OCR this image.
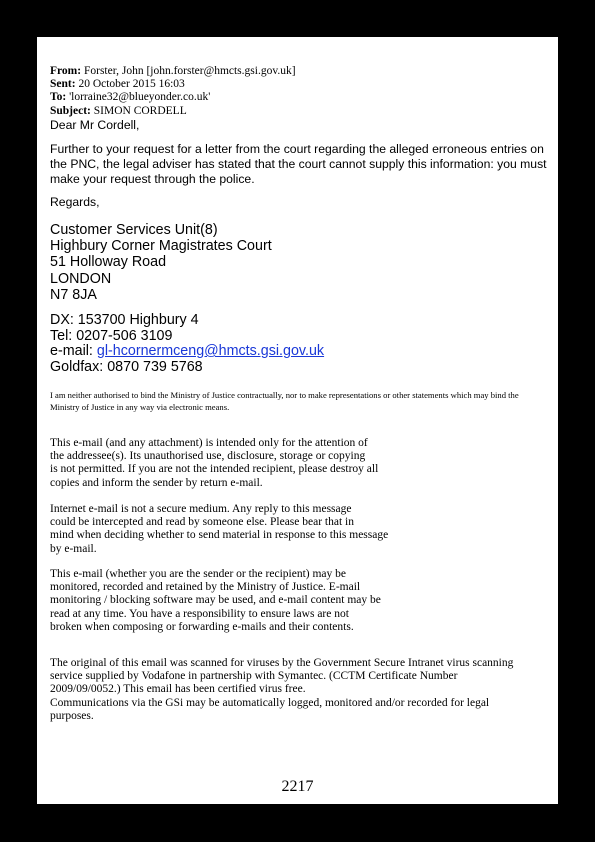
From: Forster, John [john.forster@hmcts.gsi.gov.uk]
Sent: 20 October 2015 16:03
To: 'lorraine32@blueyonder.co.uk'
Subject: SIMON CORDELL
Dear Mr Cordell,
Further to your request for a letter from the court regarding the alleged erroneous entries on the PNC, the legal adviser has stated that the court cannot supply this information: you must make your request through the police.
Regards,
Customer Services Unit(8)
Highbury Corner Magistrates Court
51 Holloway Road
LONDON
N7 8JA
DX: 153700 Highbury 4
Tel: 0207-506 3109
e-mail: gl-hcornermceng@hmcts.gsi.gov.uk
Goldfax: 0870 739 5768
I am neither authorised to bind the Ministry of Justice contractually, nor to make representations or other statements which may bind the Ministry of Justice in any way via electronic means.
This e-mail (and any attachment) is intended only for the attention of
the addressee(s). Its unauthorised use, disclosure, storage or copying
is not permitted. If you are not the intended recipient, please destroy all
copies and inform the sender by return e-mail.
Internet e-mail is not a secure medium. Any reply to this message
could be intercepted and read by someone else. Please bear that in
mind when deciding whether to send material in response to this message
by e-mail.
This e-mail (whether you are the sender or the recipient) may be
monitored, recorded and retained by the Ministry of Justice. E-mail
monitoring / blocking software may be used, and e-mail content may be
read at any time. You have a responsibility to ensure laws are not
broken when composing or forwarding e-mails and their contents.
The original of this email was scanned for viruses by the Government Secure Intranet virus scanning
service supplied by Vodafone in partnership with Symantec. (CCTM Certificate Number
2009/09/0052.) This email has been certified virus free.
Communications via the GSi may be automatically logged, monitored and/or recorded for legal
purposes.
2217
